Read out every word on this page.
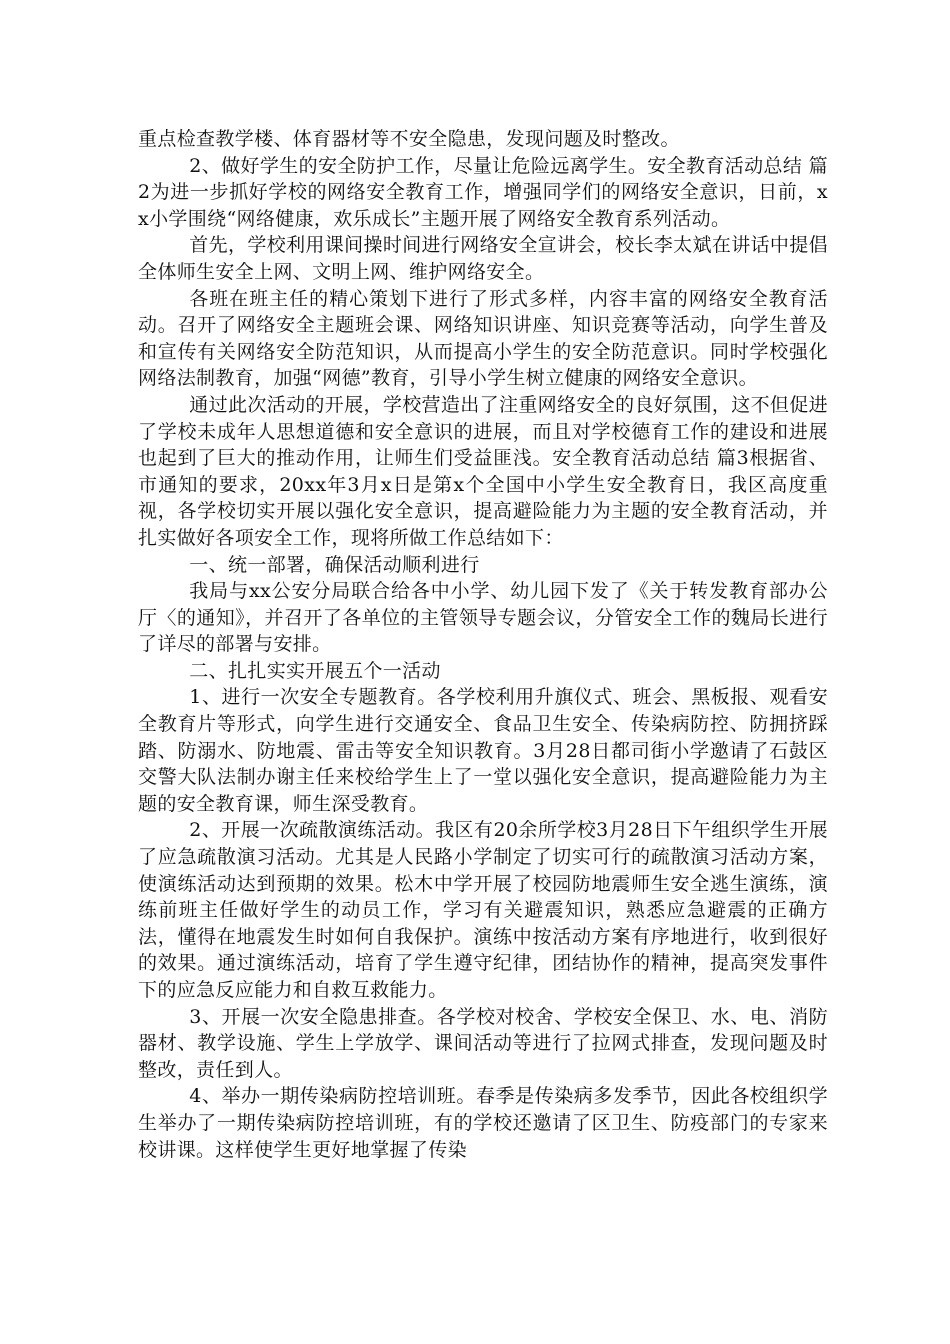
重点检查教学楼、体育器材等不安全隐患，发现问题及时整改。

2、做好学生的安全防护工作，尽量让危险远离学生。安全教育活动总结 篇2为进一步抓好学校的网络安全教育工作，增强同学们的网络安全意识，日前，xx小学围绕“网络健康，欢乐成长”主题开展了网络安全教育系列活动。

首先，学校利用课间操时间进行网络安全宣讲会，校长李太斌在讲话中提倡全体师生安全上网、文明上网、维护网络安全。

各班在班主任的精心策划下进行了形式多样，内容丰富的网络安全教育活动。召开了网络安全主题班会课、网络知识讲座、知识竞赛等活动，向学生普及和宣传有关网络安全防范知识，从而提高小学生的安全防范意识。同时学校强化网络法制教育，加强“网德”教育，引导小学生树立健康的网络安全意识。

通过此次活动的开展，学校营造出了注重网络安全的良好氛围，这不但促进了学校未成年人思想道德和安全意识的进展，而且对学校德育工作的建设和进展也起到了巨大的推动作用，让师生们受益匪浅。安全教育活动总结 篇3根据省、市通知的要求，20xx年3月x日是第x个全国中小学生安全教育日，我区高度重视，各学校切实开展以强化安全意识，提高避险能力为主题的安全教育活动，并扎实做好各项安全工作，现将所做工作总结如下：

一、统一部署，确保活动顺利进行

我局与xx公安分局联合给各中小学、幼儿园下发了《关于转发教育部办公厅〈的通知》，并召开了各单位的主管领导专题会议，分管安全工作的魏局长进行了详尽的部署与安排。

二、扎扎实实开展五个一活动

1、进行一次安全专题教育。各学校利用升旗仪式、班会、黑板报、观看安全教育片等形式，向学生进行交通安全、食品卫生安全、传染病防控、防拥挤踩踏、防溺水、防地震、雷击等安全知识教育。3月28日都司街小学邀请了石鼓区交警大队法制办谢主任来校给学生上了一堂以强化安全意识，提高避险能力为主题的安全教育课，师生深受教育。

2、开展一次疏散演练活动。我区有20余所学校3月28日下午组织学生开展了应急疏散演习活动。尤其是人民路小学制定了切实可行的疏散演习活动方案，使演练活动达到预期的效果。松木中学开展了校园防地震师生安全逃生演练，演练前班主任做好学生的动员工作，学习有关避震知识，熟悉应急避震的正确方法，懂得在地震发生时如何自我保护。演练中按活动方案有序地进行，收到很好的效果。通过演练活动，培育了学生遵守纪律，团结协作的精神，提高突发事件下的应急反应能力和自救互救能力。

3、开展一次安全隐患排查。各学校对校舍、学校安全保卫、水、电、消防器材、教学设施、学生上学放学、课间活动等进行了拉网式排查，发现问题及时整改，责任到人。

4、举办一期传染病防控培训班。春季是传染病多发季节，因此各校组织学生举办了一期传染病防控培训班，有的学校还邀请了区卫生、防疫部门的专家来校讲课。这样使学生更好地掌握了传染
